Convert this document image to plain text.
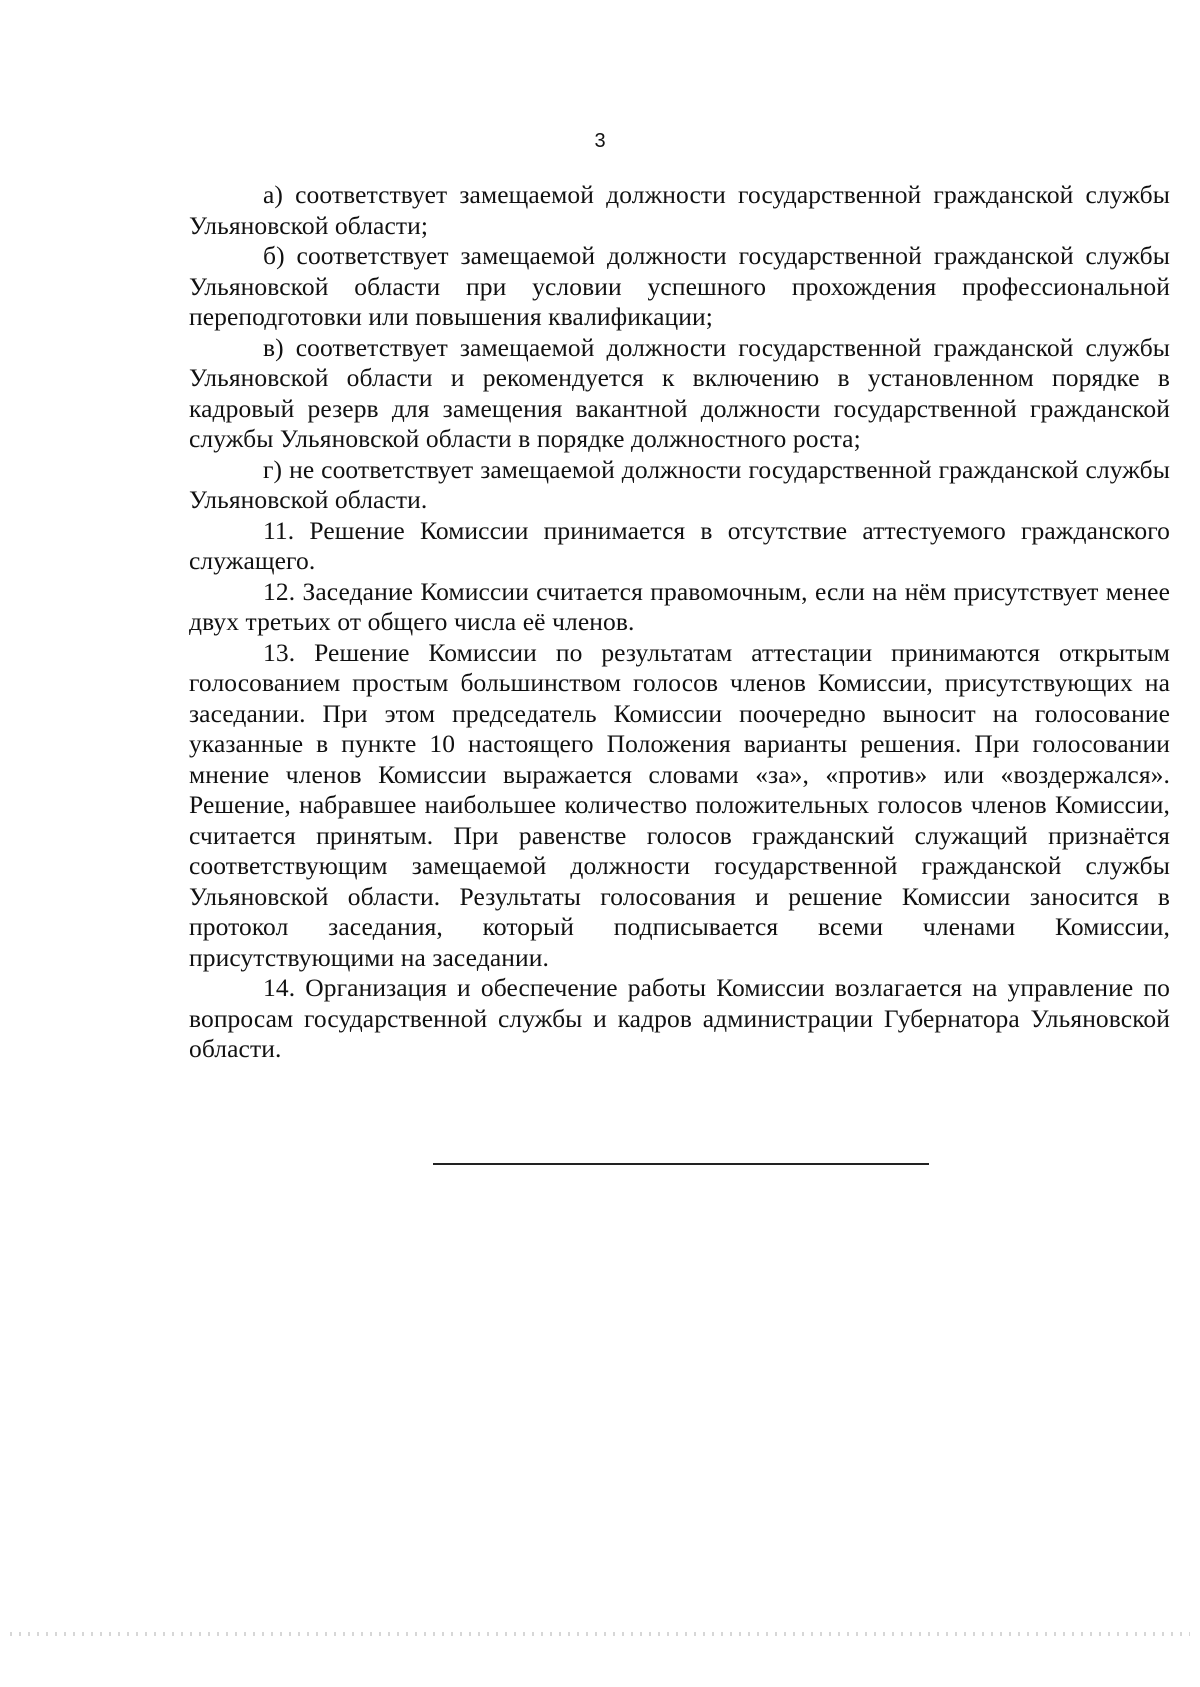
3

а) соответствует замещаемой должности государственной гражданской службы Ульяновской области;

б) соответствует замещаемой должности государственной гражданской службы Ульяновской области при условии успешного прохождения профессиональной переподготовки или повышения квалификации;

в) соответствует замещаемой должности государственной гражданской службы Ульяновской области и рекомендуется к включению в установленном порядке в кадровый резерв для замещения вакантной должности государственной гражданской службы Ульяновской области в порядке должностного роста;

г) не соответствует замещаемой должности государственной гражданской службы Ульяновской области.

11. Решение Комиссии принимается в отсутствие аттестуемого гражданского служащего.

12. Заседание Комиссии считается правомочным, если на нём присутствует менее двух третьих от общего числа её членов.

13. Решение Комиссии по результатам аттестации принимаются открытым голосованием простым большинством голосов членов Комиссии, присутствующих на заседании. При этом председатель Комиссии поочередно выносит на голосование указанные в пункте 10 настоящего Положения варианты решения. При голосовании мнение членов Комиссии выражается словами «за», «против» или «воздержался». Решение, набравшее наибольшее количество положительных голосов членов Комиссии, считается принятым. При равенстве голосов гражданский служащий признаётся соответствующим замещаемой должности государственной гражданской службы Ульяновской области. Результаты голосования и решение Комиссии заносится в протокол заседания, который подписывается всеми членами Комиссии, присутствующими на заседании.

14. Организация и обеспечение работы Комиссии возлагается на управление по вопросам государственной службы и кадров администрации Губернатора Ульяновской области.
